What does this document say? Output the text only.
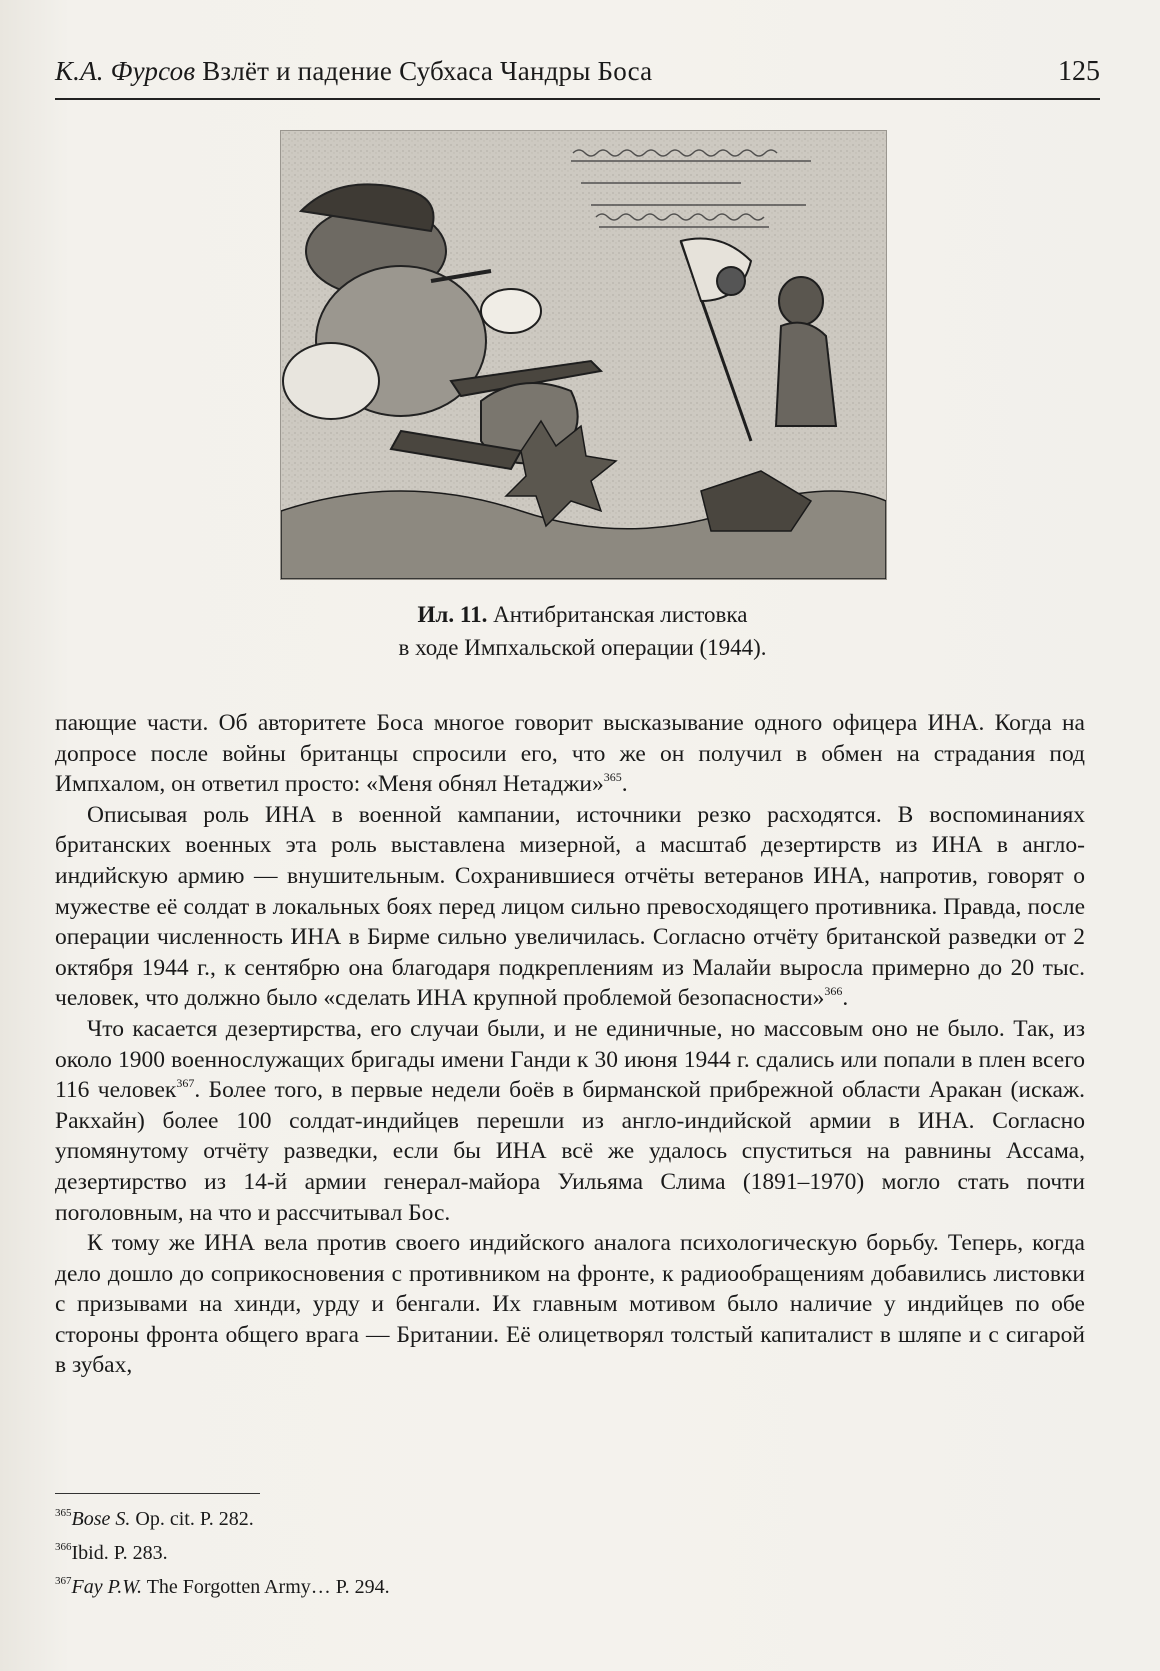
К.А. Фурсов Взлёт и падение Субхаса Чандры Боса	125
Ил. 11. Антибританская листовка
в ходе Импхальской операции (1944).

пающие части. Об авторитете Боса многое говорит высказывание одного офицера ИНА. Когда на допросе после войны британцы спросили его, что же он получил в обмен на страдания под Импхалом, он ответил просто: «Меня обнял Нетаджи»$^{365}$.

Описывая роль ИНА в военной кампании, источники резко расходятся. В воспоминаниях британских военных эта роль выставлена мизерной, а масштаб дезертирств из ИНА в англо-индийскую армию — внушительным. Сохранившиеся отчёты ветеранов ИНА, напротив, говорят о мужестве её солдат в локальных боях перед лицом сильно превосходящего противника. Правда, после операции численность ИНА в Бирме сильно увеличилась. Согласно отчёту британской разведки от 2 октября 1944 г., к сентябрю она благодаря подкреплениям из Малайи выросла примерно до 20 тыс. человек, что должно было «сделать ИНА крупной проблемой безопасности»$^{366}$.

Что касается дезертирства, его случаи были, и не единичные, но массовым оно не было. Так, из около 1900 военнослужащих бригады имени Ганди к 30 июня 1944 г. сдались или попали в плен всего 116 человек$^{367}$. Более того, в первые недели боёв в бирманской прибрежной области Аракан (искаж. Ракхайн) более 100 солдат-индийцев перешли из англо-индийской армии в ИНА. Согласно упомянутому отчёту разведки, если бы ИНА всё же удалось спуститься на равнины Ассама, дезертирство из 14-й армии генерал-майора Уильяма Слима (1891–1970) могло стать почти поголовным, на что и рассчитывал Бос.

К тому же ИНА вела против своего индийского аналога психологическую борьбу. Теперь, когда дело дошло до соприкосновения с противником на фронте, к радиообращениям добавились листовки с призывами на хинди, урду и бенгали. Их главным мотивом было наличие у индийцев по обе стороны фронта общего врага — Британии. Её олицетворял толстый капиталист в шляпе и с сигарой в зубах,

$^{365}$Bose S. Op. cit. P. 282.
$^{366}$Ibid. P. 283.
$^{367}$Fay P.W. The Forgotten Army… P. 294.
